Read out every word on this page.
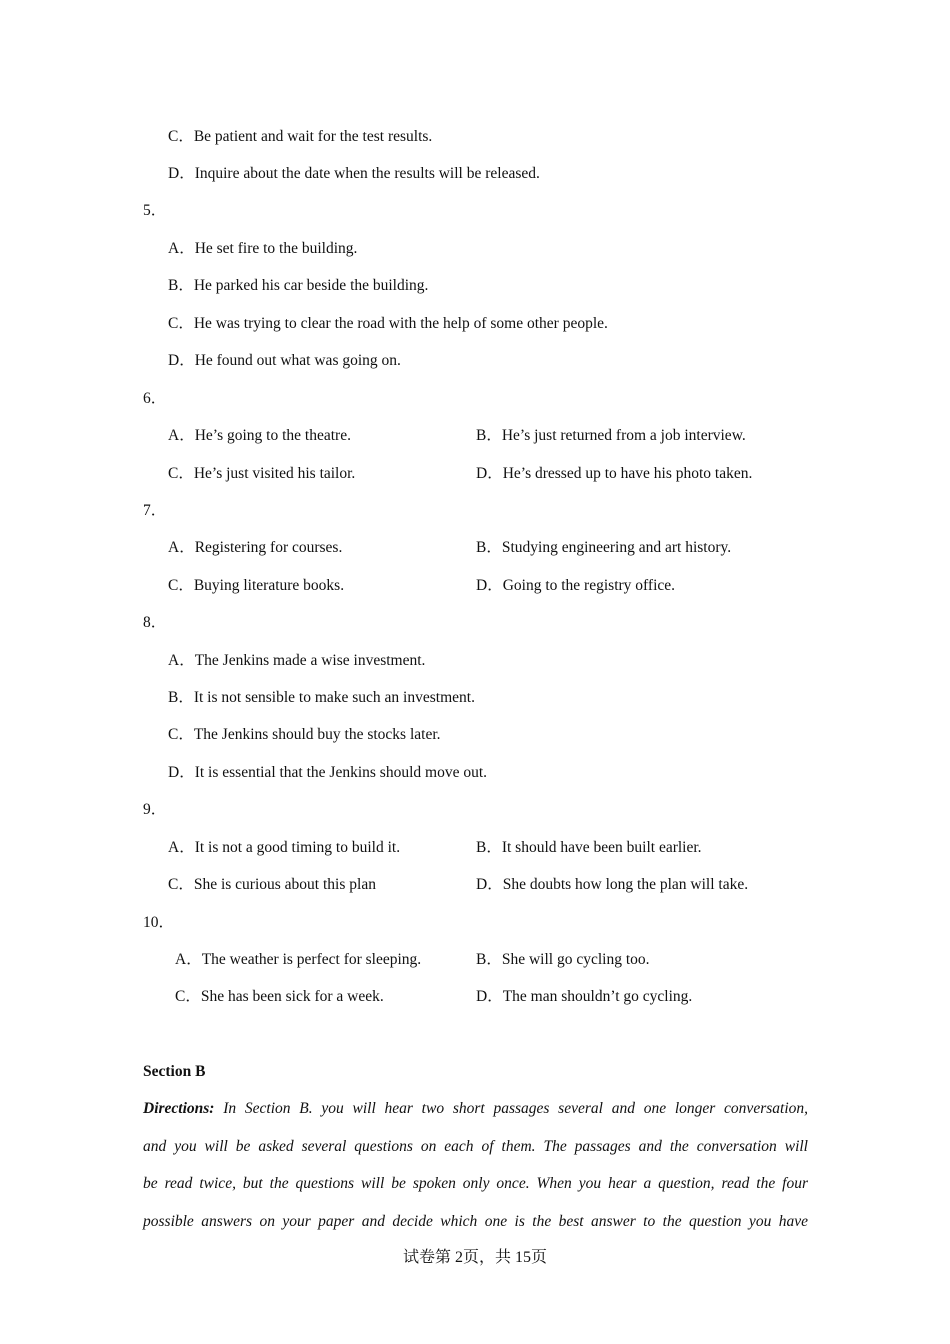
C．Be patient and wait for the test results.
D．Inquire about the date when the results will be released.
5．
A．He set fire to the building.
B．He parked his car beside the building.
C．He was trying to clear the road with the help of some other people.
D．He found out what was going on.
6．
A．He’s going to the theatre.	B．He’s just returned from a job interview.
C．He’s just visited his tailor.	D．He’s dressed up to have his photo taken.
7．
A．Registering for courses.	B．Studying engineering and art history.
C．Buying literature books.	D．Going to the registry office.
8．
A．The Jenkins made a wise investment.
B．It is not sensible to make such an investment.
C．The Jenkins should buy the stocks later.
D．It is essential that the Jenkins should move out.
9．
A．It is not a good timing to build it.	B．It should have been built earlier.
C．She is curious about this plan	D．She doubts how long the plan will take.
10．
A．The weather is perfect for sleeping.	B．She will go cycling too.
C．She has been sick for a week.	D．The man shouldn’t go cycling.
Section B
Directions: In Section B. you will hear two short passages several and one longer conversation,
and you will be asked several questions on each of them. The passages and the conversation will
be read twice, but the questions will be spoken only once. When you hear a question, read the four
possible answers on your paper and decide which one is the best answer to the question you have
试卷第 2页，共 15页
